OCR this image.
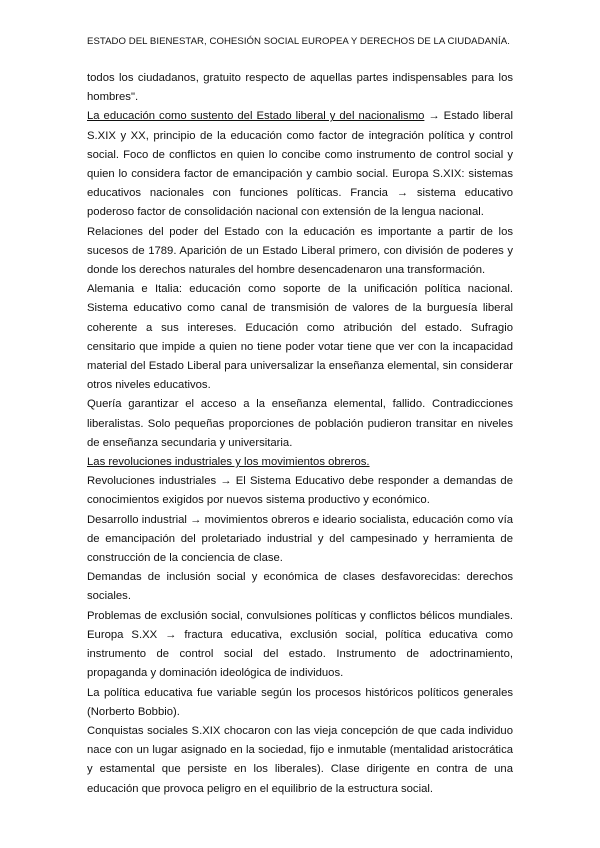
ESTADO DEL BIENESTAR, COHESIÓN SOCIAL EUROPEA Y DERECHOS DE LA CIUDADANÍA.

todos los ciudadanos, gratuito respecto de aquellas partes indispensables para los hombres".

La educación como sustento del Estado liberal y del nacionalismo → Estado liberal S.XIX y XX, principio de la educación como factor de integración política y control social. Foco de conflictos en quien lo concibe como instrumento de control social y quien lo considera factor de emancipación y cambio social. Europa S.XIX: sistemas educativos nacionales con funciones políticas. Francia → sistema educativo poderoso factor de consolidación nacional con extensión de la lengua nacional.

Relaciones del poder del Estado con la educación es importante a partir de los sucesos de 1789. Aparición de un Estado Liberal primero, con división de poderes y donde los derechos naturales del hombre desencadenaron una transformación.

Alemania e Italia: educación como soporte de la unificación política nacional. Sistema educativo como canal de transmisión de valores de la burguesía liberal coherente a sus intereses. Educación como atribución del estado. Sufragio censitario que impide a quien no tiene poder votar tiene que ver con la incapacidad material del Estado Liberal para universalizar la enseñanza elemental, sin considerar otros niveles educativos.

Quería garantizar el acceso a la enseñanza elemental, fallido. Contradicciones liberalistas. Solo pequeñas proporciones de población pudieron transitar en niveles de enseñanza secundaria y universitaria.

Las revoluciones industriales y los movimientos obreros.

Revoluciones industriales → El Sistema Educativo debe responder a demandas de conocimientos exigidos por nuevos sistema productivo y económico.

Desarrollo industrial → movimientos obreros e ideario socialista, educación como vía de emancipación del proletariado industrial y del campesinado y herramienta de construcción de la conciencia de clase.

Demandas de inclusión social y económica de clases desfavorecidas: derechos sociales.

Problemas de exclusión social, convulsiones políticas y conflictos bélicos mundiales. Europa S.XX → fractura educativa, exclusión social, política educativa como instrumento de control social del estado. Instrumento de adoctrinamiento, propaganda y dominación ideológica de individuos.

La política educativa fue variable según los procesos históricos políticos generales (Norberto Bobbio).

Conquistas sociales S.XIX chocaron con las vieja concepción de que cada individuo nace con un lugar asignado en la sociedad, fijo e inmutable (mentalidad aristocrática y estamental que persiste en los liberales). Clase dirigente en contra de una educación que provoca peligro en el equilibrio de la estructura social.
